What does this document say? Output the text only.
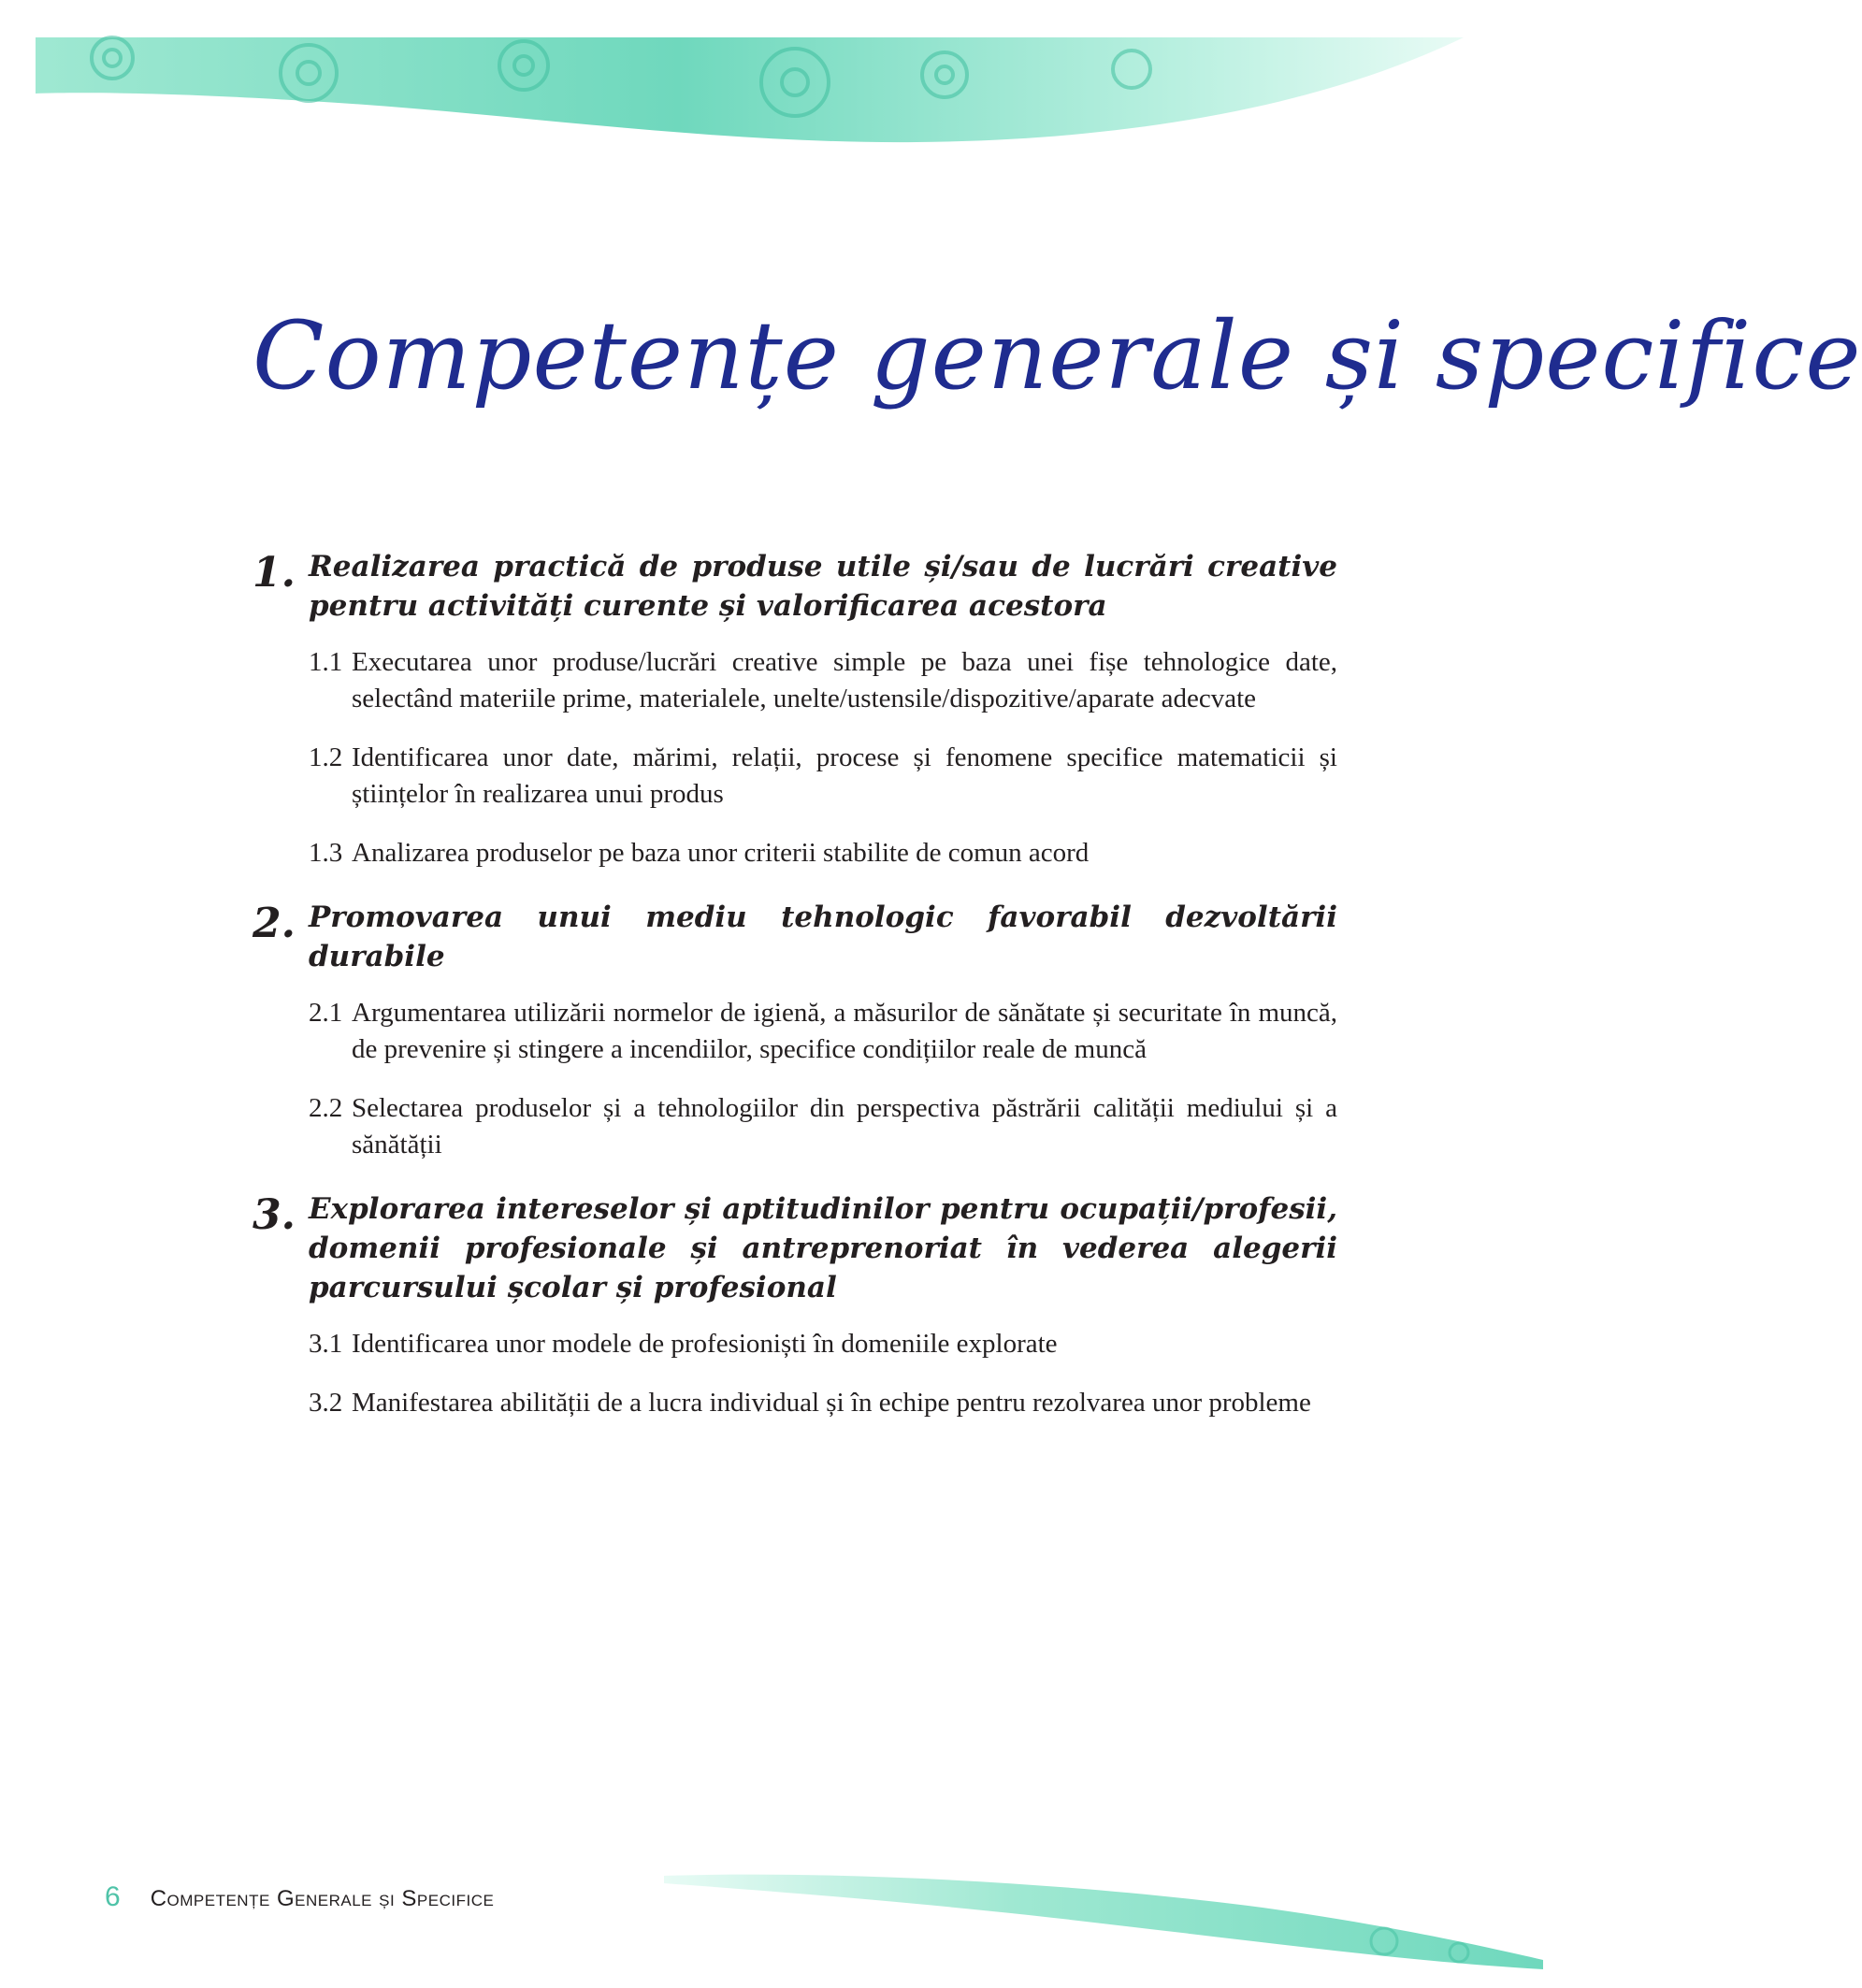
Competențe generale și specifice
1. Realizarea practică de produse utile și/sau de lucrări creative pentru activități curente și valorificarea acestora
1.1 Executarea unor produse/lucrări creative simple pe baza unei fișe tehnologice date, selectând materiile prime, materialele, unelte/ustensile/dispozitive/aparate adecvate
1.2 Identificarea unor date, mărimi, relații, procese și fenomene specifice matematicii și științelor în realizarea unui produs
1.3 Analizarea produselor pe baza unor criterii stabilite de comun acord
2. Promovarea unui mediu tehnologic favorabil dezvoltării durabile
2.1 Argumentarea utilizării normelor de igienă, a măsurilor de sănătate și securitate în muncă, de prevenire și stingere a incendiilor, specifice condițiilor reale de muncă
2.2 Selectarea produselor și a tehnologiilor din perspectiva păstrării calității mediului și a sănătății
3. Explorarea intereselor și aptitudinilor pentru ocupații/profesii, domenii profesionale și antreprenoriat în vederea alegerii parcursului școlar și profesional
3.1 Identificarea unor modele de profesioniști în domeniile explorate
3.2 Manifestarea abilității de a lucra individual și în echipe pentru rezolvarea unor probleme
6 Competențe Generale și Specifice
